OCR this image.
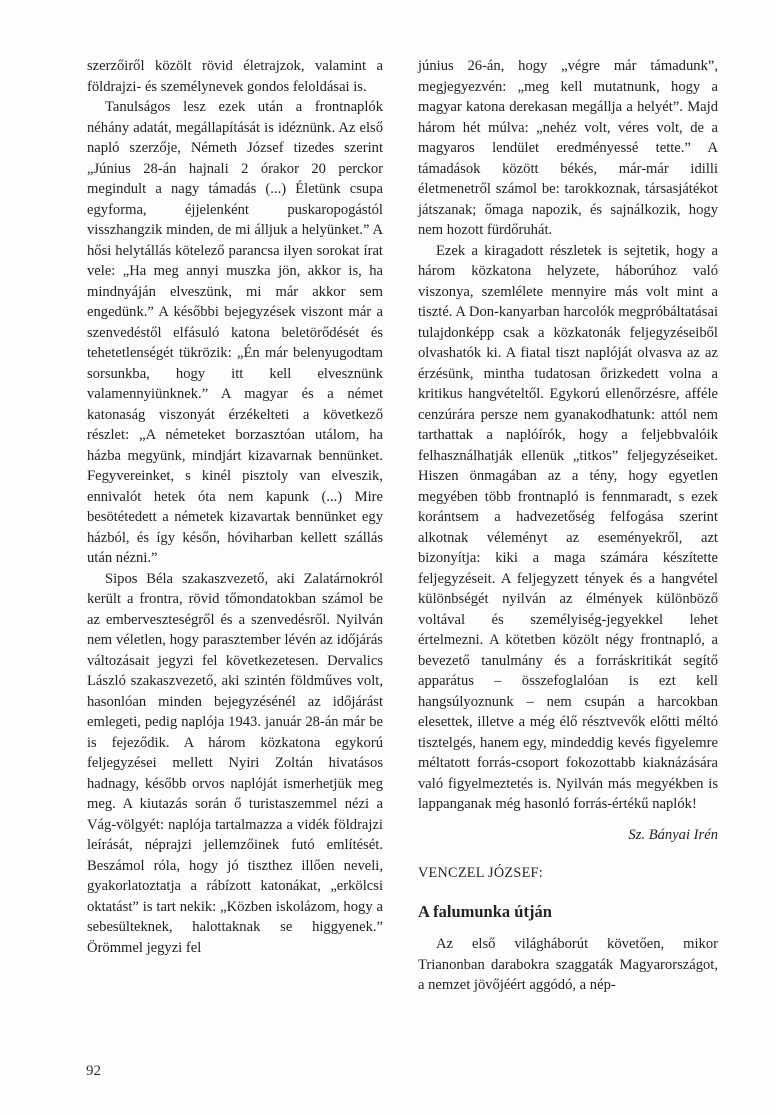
szerzőiről közölt rövid életrajzok, valamint a földrajzi- és személynevek gondos feloldásai is.

Tanulságos lesz ezek után a frontnaplók néhány adatát, megállapítását is idéznünk. Az első napló szerzője, Németh József tizedes szerint „Június 28-án hajnali 2 órakor 20 perckor megindult a nagy támadás (...) Életünk csupa egyforma, éjjelenként puskaropogástól visszhangzik minden, de mi álljuk a helyünket.” A hősi helytállás kötelező parancsa ilyen sorokat írat vele: „Ha meg annyi muszka jön, akkor is, ha mindnyáján elveszünk, mi már akkor sem engedünk.” A későbbi bejegyzések viszont már a szenvedéstől elfásuló katona beletörődését és tehetetlenségét tükrözik: „Én már belenyugodtam sorsunkba, hogy itt kell elvesznünk valamennyiünknek.” A magyar és a német katonaság viszonyát érzékelteti a következő részlet: „A németeket borzasztóan utálom, ha házba megyünk, mindjárt kizavarnak bennünket. Fegyvereinket, s kinél pisztoly van elveszik, ennivalót hetek óta nem kapunk (...) Mire besötétedett a németek kizavartak bennünket egy házból, és így későn, hóviharban kellett szállás után nézni.”

Sipos Béla szakaszvezető, aki Zalatárnokról került a frontra, rövid tőmondatokban számol be az emberveszteségről és a szenvedésről. Nyilván nem véletlen, hogy parasztember lévén az időjárás változásait jegyzi fel következetesen. Dervalics László szakaszvezető, aki szintén földműves volt, hasonlóan minden bejegyzésénél az időjárást emlegeti, pedig naplója 1943. január 28-án már be is fejeződik. A három közkatona egykorú feljegyzései mellett Nyiri Zoltán hivatásos hadnagy, később orvos naplóját ismerhetjük meg meg. A kiutazás során ő turistaszemmel nézi a Vág-völgyét: naplója tartalmazza a vidék földrajzi leírását, néprajzi jellemzőinek futó említését. Beszámol róla, hogy jó tiszthez illően neveli, gyakorlatoztatja a rábízott katonákat, „erkölcsi oktatást” is tart nekik: „Közben iskolázom, hogy a sebesülteknek, halottaknak se higgyenek.” Örömmel jegyzi fel

június 26-án, hogy „végre már támadunk”, megjegyezvén: „meg kell mutatnunk, hogy a magyar katona derekasan megállja a helyét”. Majd három hét múlva: „nehéz volt, véres volt, de a magyaros lendület eredményessé tette.” A támadások között békés, már-már idilli életmenetről számol be: tarokkoznak, társasjátékot játszanak; őmaga napozik, és sajnálkozik, hogy nem hozott fürdőruhát.

Ezek a kiragadott részletek is sejtetik, hogy a három közkatona helyzete, háborúhoz való viszonya, szemlélete mennyire más volt mint a tiszté. A Don-kanyarban harcolók megpróbáltatásai tulajdonképp csak a közkatonák feljegyzéseiből olvashatók ki. A fiatal tiszt naplóját olvasva az az érzésünk, mintha tudatosan őrizkedett volna a kritikus hangvételtől. Egykorú ellenőrzésre, afféle cenzúrára persze nem gyanakodhatunk: attól nem tarthattak a naplóírók, hogy a feljebbvalóik felhasználhatják ellenük „titkos” feljegyzéseiket. Hiszen önmagában az a tény, hogy egyetlen megyében több frontnapló is fennmaradt, s ezek korántsem a hadvezetőség felfogása szerint alkotnak véleményt az eseményekről, azt bizonyítja: kiki a maga számára készítette feljegyzéseit. A feljegyzett tények és a hangvétel különbségét nyilván az élmények különböző voltával és személyiség-jegyekkel lehet értelmezni. A kötetben közölt négy frontnapló, a bevezető tanulmány és a forráskritikát segítő apparátus – összefoglalóan is ezt kell hangsúlyoznunk – nem csupán a harcokban elesettek, illetve a még élő résztvevők előtti méltó tisztelgés, hanem egy, mindeddig kevés figyelemre méltatott forrás-csoport fokozottabb kiaknázására való figyelmeztetés is. Nyilván más megyékben is lappanganak még hasonló forrás-értékű naplók!

Sz. Bányai Irén

VENCZEL JÓZSEF:

A falumunka útján

Az első világháborút követően, mikor Trianonban darabokra szaggaták Magyarországot, a nemzet jövőjéért aggódó, a nép-

92
